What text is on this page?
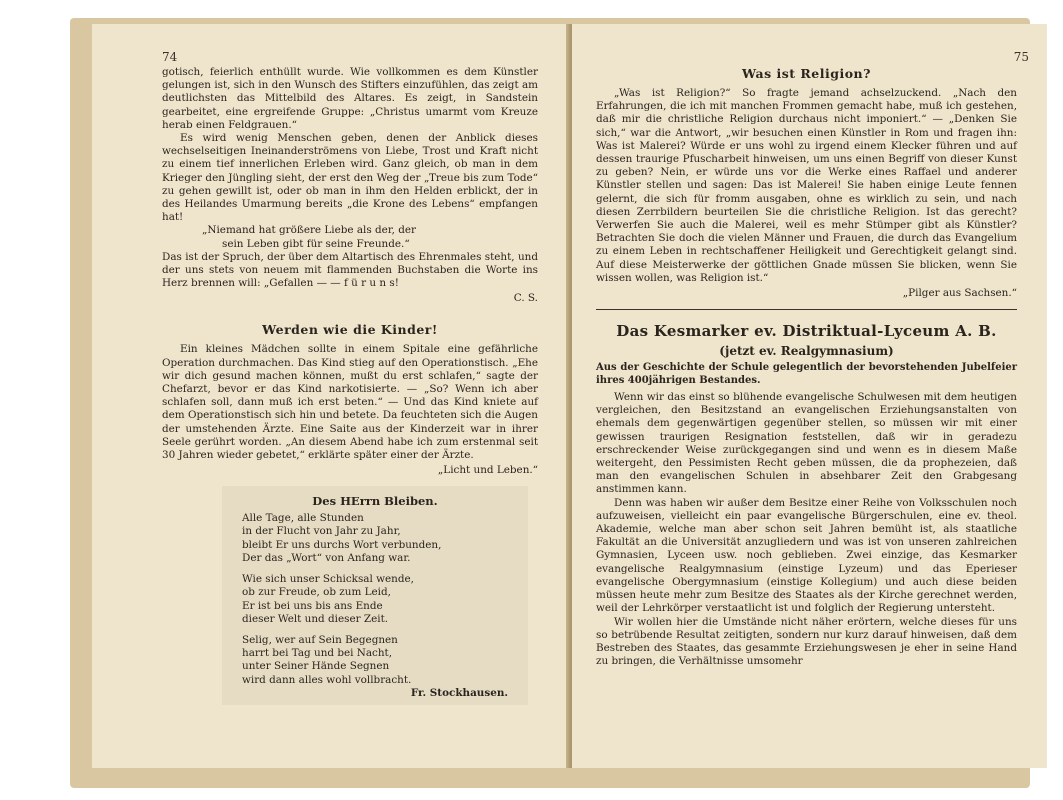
74

gotisch, feierlich enthüllt wurde. Wie vollkommen es dem Künstler gelungen ist, sich in den Wunsch des Stifters einzufühlen, das zeigt am deutlichsten das Mittelbild des Altares. Es zeigt, in Sandstein gearbeitet, eine ergreifende Gruppe: „Christus umarmt vom Kreuze herab einen Feldgrauen.“

Es wird wenig Menschen geben, denen der Anblick dieses wechselseitigen Ineinanderströmens von Liebe, Trost und Kraft nicht zu einem tief innerlichen Erleben wird. Ganz gleich, ob man in dem Krieger den Jüngling sieht, der erst den Weg der „Treue bis zum Tode“ zu gehen gewillt ist, oder ob man in ihm den Helden erblickt, der in des Heilandes Umarmung bereits „die Krone des Lebens“ empfangen hat!

„Niemand hat größere Liebe als der, der
sein Leben gibt für seine Freunde.“

Das ist der Spruch, der über dem Altartisch des Ehrenmales steht, und der uns stets von neuem mit flammenden Buchstaben die Worte ins Herz brennen will: „Gefallen — — f ü r u n s!

C. S.
Werden wie die Kinder!

Ein kleines Mädchen sollte in einem Spitale eine gefährliche Operation durchmachen. Das Kind stieg auf den Operationstisch. „Ehe wir dich gesund machen können, mußt du erst schlafen,“ sagte der Chefarzt, bevor er das Kind narkotisierte. — „So? Wenn ich aber schlafen soll, dann muß ich erst beten.“ — Und das Kind kniete auf dem Operationstisch sich hin und betete. Da feuchteten sich die Augen der umstehenden Ärzte. Eine Saite aus der Kinderzeit war in ihrer Seele gerührt worden. „An diesem Abend habe ich zum erstenmal seit 30 Jahren wieder gebetet,“ erklärte später einer der Ärzte.

„Licht und Leben.“
Des HErrn Bleiben.
Alle Tage, alle Stunden
in der Flucht von Jahr zu Jahr,
bleibt Er uns durchs Wort verbunden,
Der das „Wort“ von Anfang war.
Wie sich unser Schicksal wende,
ob zur Freude, ob zum Leid,
Er ist bei uns bis ans Ende
dieser Welt und dieser Zeit.
Selig, wer auf Sein Begegnen
harrt bei Tag und bei Nacht,
unter Seiner Hände Segnen
wird dann alles wohl vollbracht.
Fr. Stockhausen.
75
Was ist Religion?

„Was ist Religion?“ So fragte jemand achselzuckend. „Nach den Erfahrungen, die ich mit manchen Frommen gemacht habe, muß ich gestehen, daß mir die christliche Religion durchaus nicht imponiert.“ — „Denken Sie sich,“ war die Antwort, „wir besuchen einen Künstler in Rom und fragen ihn: Was ist Malerei? Würde er uns wohl zu irgend einem Klecker führen und auf dessen traurige Pfuscharbeit hinweisen, um uns einen Begriff von dieser Kunst zu geben? Nein, er würde uns vor die Werke eines Raffael und anderer Künstler stellen und sagen: Das ist Malerei! Sie haben einige Leute fennen gelernt, die sich für fromm ausgaben, ohne es wirklich zu sein, und nach diesen Zerrbildern beurteilen Sie die christliche Religion. Ist das gerecht? Verwerfen Sie auch die Malerei, weil es mehr Stümper gibt als Künstler? Betrachten Sie doch die vielen Männer und Frauen, die durch das Evangelium zu einem Leben in rechtschaffener Heiligkeit und Gerechtigkeit gelangt sind. Auf diese Meisterwerke der göttlichen Gnade müssen Sie blicken, wenn Sie wissen wollen, was Religion ist.“

„Pilger aus Sachsen.“
Das Kesmarker ev. Distriktual-Lyceum A. B.
(jetzt ev. Realgymnasium)
Aus der Geschichte der Schule gelegentlich der bevorstehenden Jubelfeier ihres 400jährigen Bestandes.

Wenn wir das einst so blühende evangelische Schulwesen mit dem heutigen vergleichen, den Besitzstand an evangelischen Erziehungsanstalten von ehemals dem gegenwärtigen gegenüber stellen, so müssen wir mit einer gewissen traurigen Resignation feststellen, daß wir in geradezu erschreckender Weise zurückgegangen sind und wenn es in diesem Maße weitergeht, den Pessimisten Recht geben müssen, die da prophezeien, daß man den evangelischen Schulen in absehbarer Zeit den Grabgesang anstimmen kann.

Denn was haben wir außer dem Besitze einer Reihe von Volksschulen noch aufzuweisen, vielleicht ein paar evangelische Bürgerschulen, eine ev. theol. Akademie, welche man aber schon seit Jahren bemüht ist, als staatliche Fakultät an die Universität anzugliedern und was ist von unseren zahlreichen Gymnasien, Lyceen usw. noch geblieben. Zwei einzige, das Kesmarker evangelische Realgymnasium (einstige Lyzeum) und das Eperieser evangelische Obergymnasium (einstige Kollegium) und auch diese beiden müssen heute mehr zum Besitze des Staates als der Kirche gerechnet werden, weil der Lehrkörper verstaatlicht ist und folglich der Regierung untersteht.

Wir wollen hier die Umstände nicht näher erörtern, welche dieses für uns so betrübende Resultat zeitigten, sondern nur kurz darauf hinweisen, daß dem Bestreben des Staates, das gesammte Erziehungswesen je eher in seine Hand zu bringen, die Verhältnisse umsomehr
